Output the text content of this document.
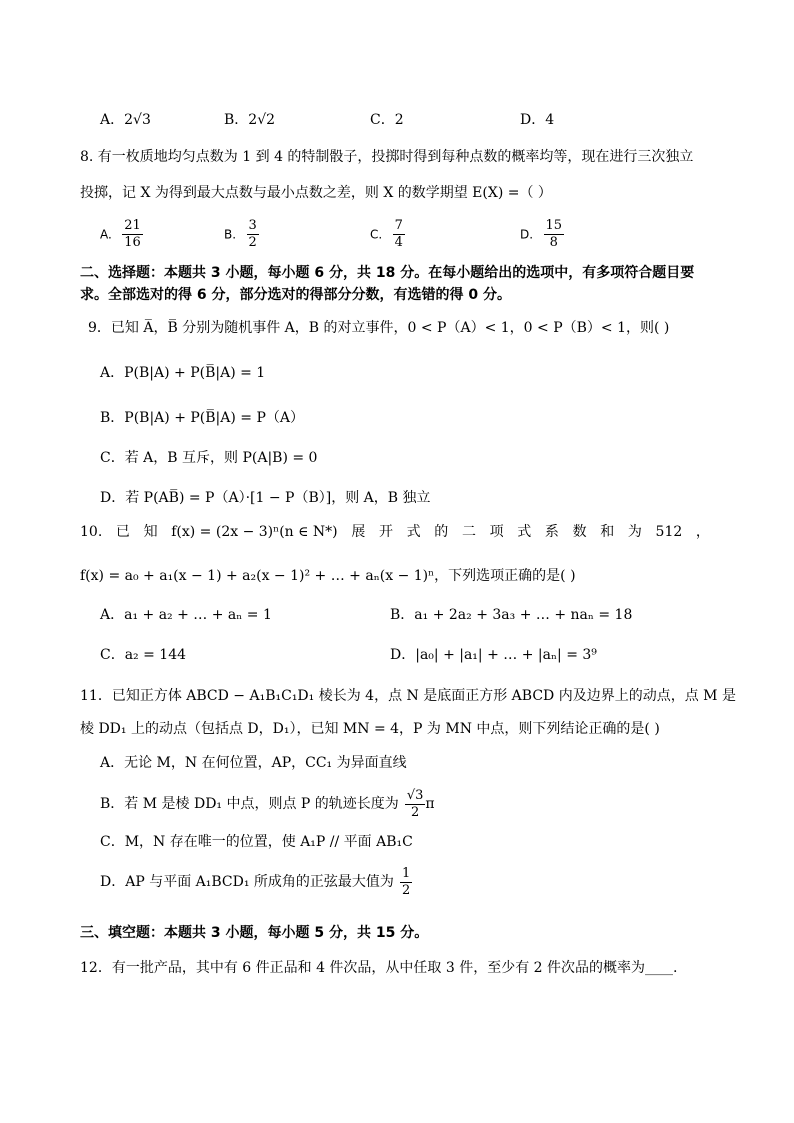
A．2√3	B．2√2	C．2	D．4
8. 有一枚质地均匀点数为 1 到 4 的特制骰子，投掷时得到每种点数的概率均等，现在进行三次独立
投掷，记 X 为得到最大点数与最小点数之差，则 X 的数学期望 E(X) =（ ）
A. $\frac{21}{16}$	B. $\frac{3}{2}$	C. $\frac{7}{4}$	D. $\frac{15}{8}$
二、选择题：本题共 3 小题，每小题 6 分，共 18 分。在每小题给出的选项中，有多项符合题目要
求。全部选对的得 6 分，部分选对的得部分分数，有选错的得 0 分。
9．已知 A̅，B̅ 分别为随机事件 A，B 的对立事件，0 < P（A）< 1，0 < P（B）< 1，则( )
A．P(B|A) + P(B̅|A) = 1
B．P(B|A) + P(B̅|A) = P（A）
C．若 A，B 互斥，则 P(A|B) = 0
D．若 P(AB̅) = P（A）·[1 − P（B）]，则 A，B 独立
10. 已 知 f(x) = (2x − 3)ⁿ(n ∈ N*) 展 开 式 的 二 项 式 系 数 和 为 512 ，
f(x) = a₀ + a₁(x − 1) + a₂(x − 1)² + … + aₙ(x − 1)ⁿ，下列选项正确的是( )
A．a₁ + a₂ + … + aₙ = 1	B．a₁ + 2a₂ + 3a₃ + … + naₙ = 18
C．a₂ = 144	D．|a₀| + |a₁| + … + |aₙ| = 3⁹
11．已知正方体 ABCD − A₁B₁C₁D₁ 棱长为 4，点 N 是底面正方形 ABCD 内及边界上的动点，点 M 是
棱 DD₁ 上的动点（包括点 D，D₁），已知 MN = 4，P 为 MN 中点，则下列结论正确的是( )
A．无论 M，N 在何位置，AP，CC₁ 为异面直线
B．若 M 是棱 DD₁ 中点，则点 P 的轨迹长度为 $\frac{√3}{2}$ π
C．M，N 存在唯一的位置，使 A₁P // 平面 AB₁C
D．AP 与平面 A₁BCD₁ 所成角的正弦最大值为 $\frac{1}{2}$
三、填空题：本题共 3 小题，每小题 5 分，共 15 分。
12．有一批产品，其中有 6 件正品和 4 件次品，从中任取 3 件，至少有 2 件次品的概率为____.
